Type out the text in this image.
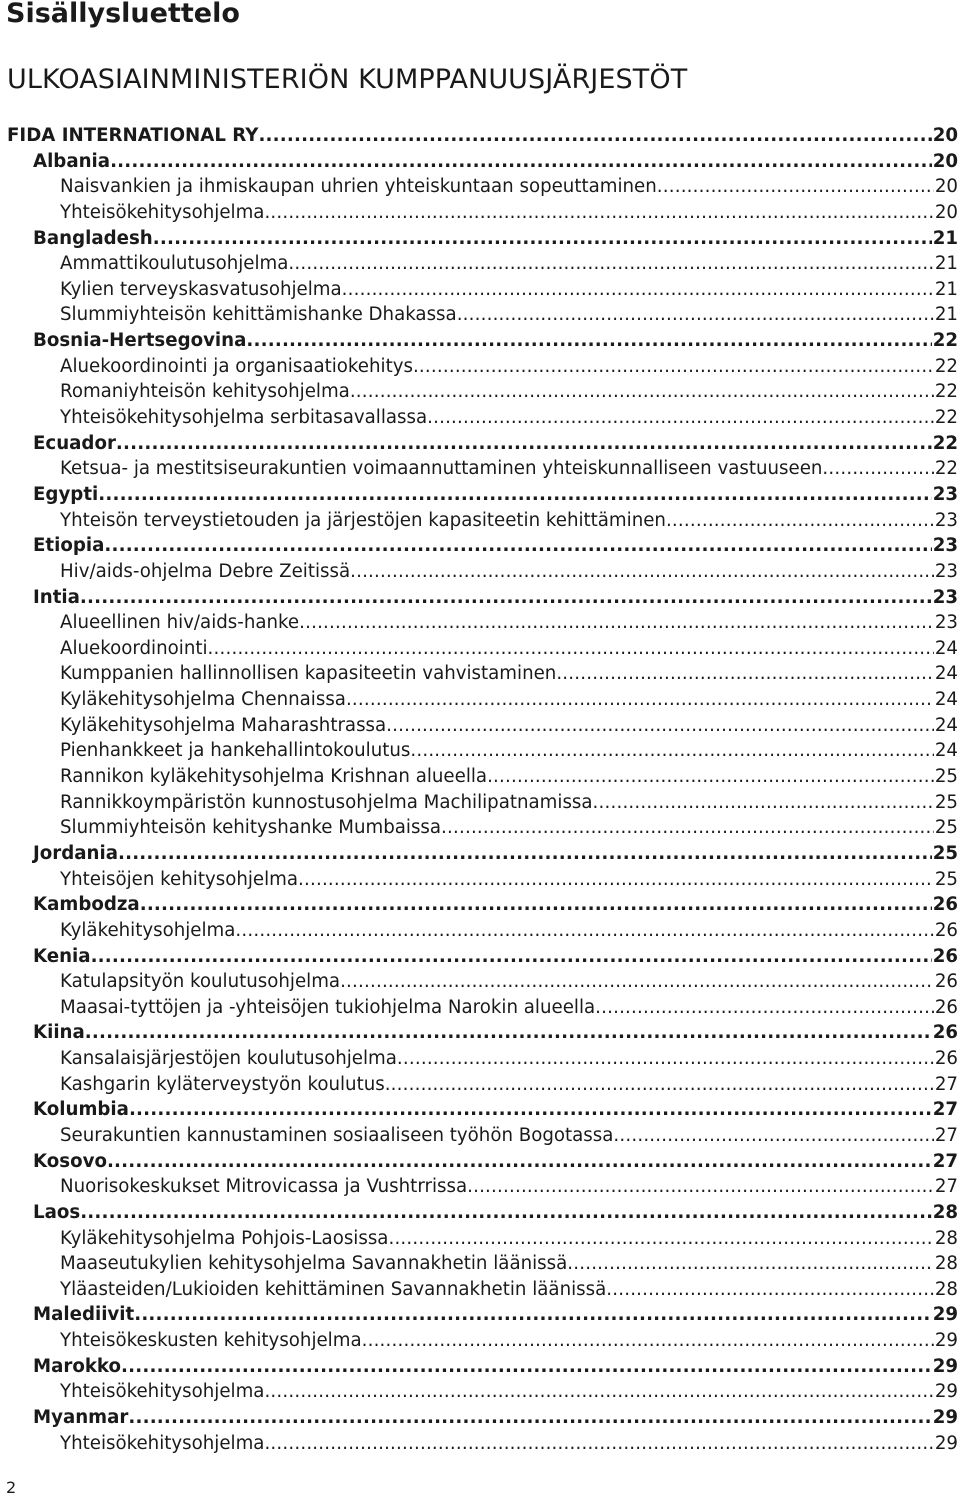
Sisällysluettelo
ULKOASIAINMINISTERIÖN KUMPPANUUSJÄRJESTÖT
FIDA INTERNATIONAL RY .....	20
Albania .....	20
Naisvankien ja ihmiskaupan uhrien yhteiskuntaan sopeuttaminen .....	20
Yhteisökehitysohjelma .....	20
Bangladesh .....	21
Ammattikoulutusohjelma .....	21
Kylien terveyskasvatusohjelma .....	21
Slummiyhteisön kehittämishanke Dhakassa .....	21
Bosnia-Hertsegovina .....	22
Aluekoordinointi ja organisaatiokehitys .....	22
Romaniyhteisön kehitysohjelma .....	22
Yhteisökehitysohjelma serbitasavallassa .....	22
Ecuador .....	22
Ketsua- ja mestitsiseurakuntien voimaannuttaminen yhteiskunnalliseen vastuuseen .....	22
Egypti .....	23
Yhteisön terveystietouden ja järjestöjen kapasiteetin kehittäminen .....	23
Etiopia .....	23
Hiv/aids-ohjelma Debre Zeitissä .....	23
Intia .....	23
Alueellinen hiv/aids-hanke .....	23
Aluekoordinointi .....	24
Kumppanien hallinnollisen kapasiteetin vahvistaminen .....	24
Kyläkehitysohjelma Chennaissa .....	24
Kyläkehitysohjelma Maharashtrassa .....	24
Pienhankkeet ja hankehallintokoulutus .....	24
Rannikon kyläkehitysohjelma Krishnan alueella .....	25
Rannikkoympäristön kunnostusohjelma Machilipatnamissa .....	25
Slummiyhteisön kehityshanke Mumbaissa .....	25
Jordania .....	25
Yhteisöjen kehitysohjelma .....	25
Kambodza .....	26
Kyläkehitysohjelma .....	26
Kenia .....	26
Katulapsityön koulutusohjelma .....	26
Maasai-tyttöjen ja -yhteisöjen tukiohjelma Narokin alueella .....	26
Kiina .....	26
Kansalaisjärjestöjen koulutusohjelma .....	26
Kashgarin kyläterveystyön koulutus .....	27
Kolumbia .....	27
Seurakuntien kannustaminen sosiaaliseen työhön Bogotassa .....	27
Kosovo .....	27
Nuorisokeskukset Mitrovicassa ja Vushtrrissa .....	27
Laos .....	28
Kyläkehitysohjelma Pohjois-Laosissa .....	28
Maaseutukylien kehitysohjelma Savannakhetin läänissä .....	28
Yläasteiden/Lukioiden kehittäminen Savannakhetin läänissä .....	28
Malediivit .....	29
Yhteisökeskusten kehitysohjelma .....	29
Marokko .....	29
Yhteisökehitysohjelma .....	29
Myanmar .....	29
Yhteisökehitysohjelma .....	29
2
